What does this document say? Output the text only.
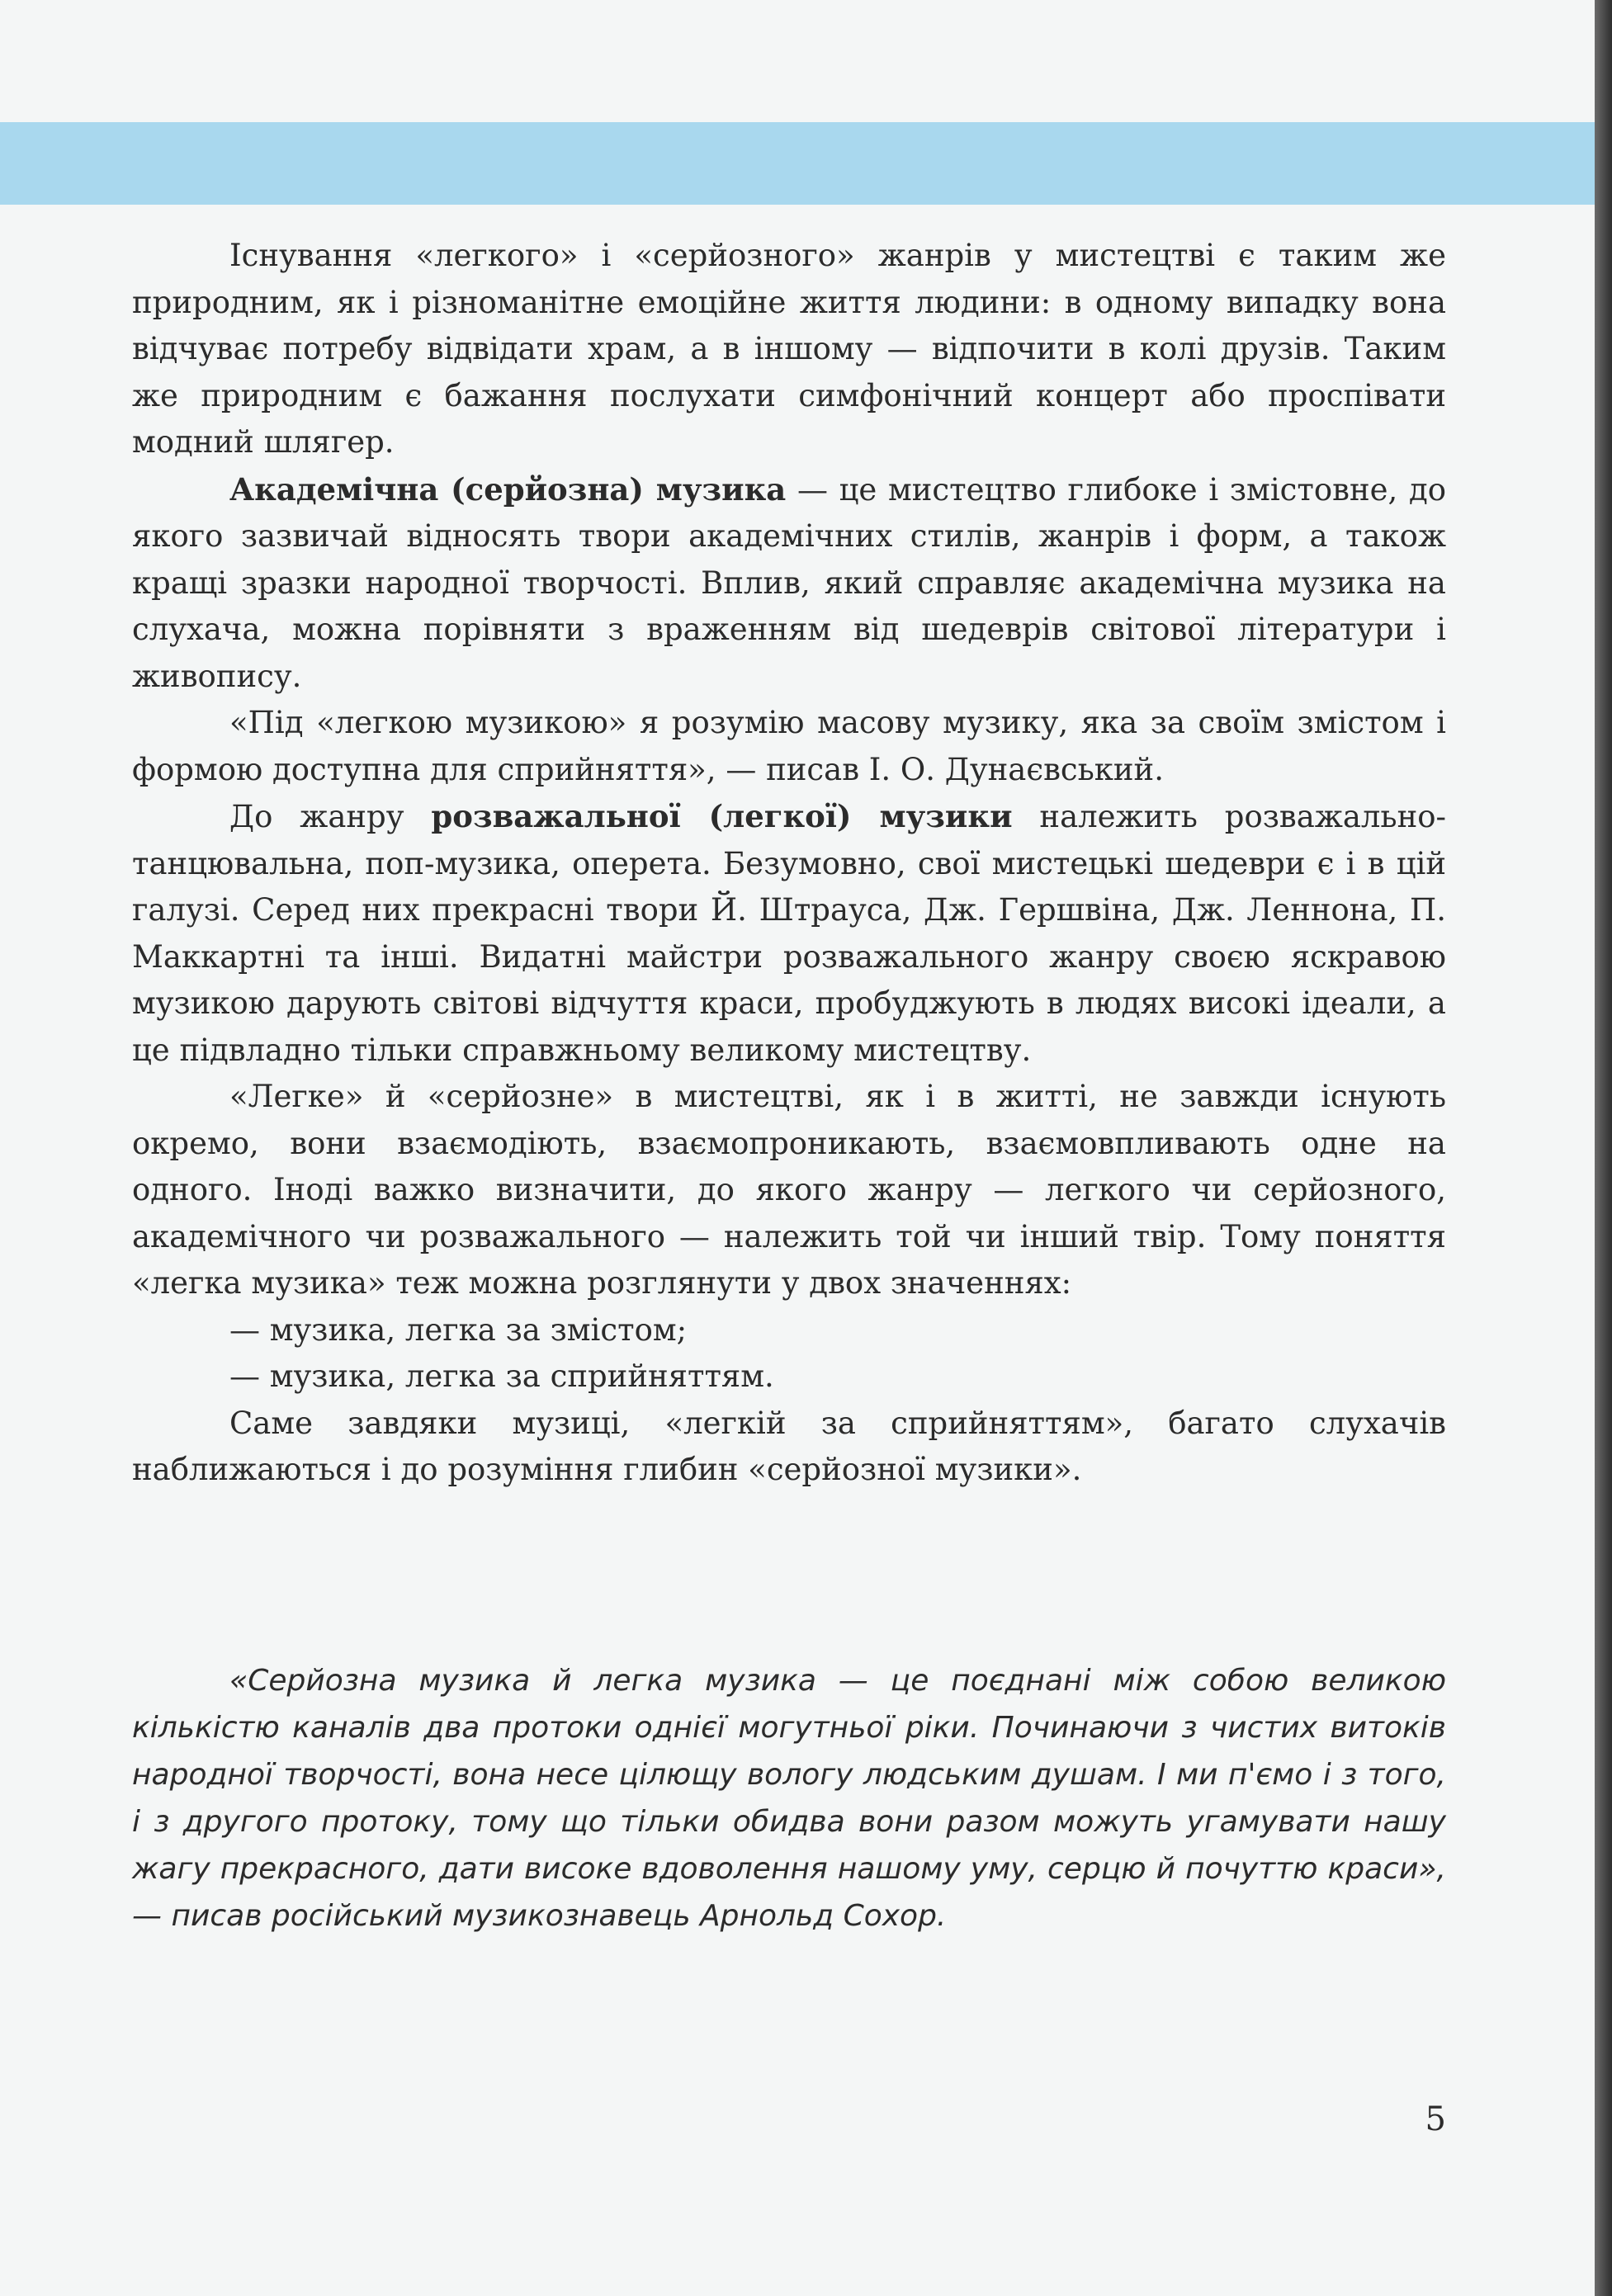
Існування «легкого» і «серйозного» жанрів у мистецтві є таким же природним, як і різноманітне емоційне життя людини: в одному випадку вона відчуває потребу відвідати храм, а в іншому — відпочити в колі друзів. Таким же природним є бажання послухати симфонічний концерт або проспівати модний шлягер.

Академічна (серйозна) музика — це мистецтво глибоке і змістовне, до якого зазвичай відносять твори академічних стилів, жанрів і форм, а також кращі зразки народної творчості. Вплив, який справляє академічна музика на слухача, можна порівняти з враженням від шедеврів світової літератури і живопису.

«Під «легкою музикою» я розумію масову музику, яка за своїм змістом і формою доступна для сприйняття», — писав І. О. Дунаєвський.

До жанру розважальної (легкої) музики належить розважально-танцювальна, поп-музика, оперета. Безумовно, свої мистецькі шедеври є і в цій галузі. Серед них прекрасні твори Й. Штрауса, Дж. Гершвіна, Дж. Леннона, П. Маккартні та інші. Видатні майстри розважального жанру своєю яскравою музикою дарують світові відчуття краси, пробуджують в людях високі ідеали, а це підвладно тільки справжньому великому мистецтву.

«Легке» й «серйозне» в мистецтві, як і в житті, не завжди існують окремо, вони взаємодіють, взаємопроникають, взаємовпливають одне на одного. Іноді важко визначити, до якого жанру — легкого чи серйозного, академічного чи розважального — належить той чи інший твір. Тому поняття «легка музика» теж можна розглянути у двох значеннях:

— музика, легка за змістом;

— музика, легка за сприйняттям.

Саме завдяки музиці, «легкій за сприйняттям», багато слухачів наближаються і до розуміння глибин «серйозної музики».

«Серйозна музика й легка музика — це поєднані між собою великою кількістю каналів два протоки однієї могутньої ріки. Починаючи з чистих витоків народної творчості, вона несе цілющу вологу людським душам. І ми п'ємо і з того, і з другого протоку, тому що тільки обидва вони разом можуть угамувати нашу жагу прекрасного, дати високе вдоволення нашому уму, серцю й почуттю краси», — писав російський музикознавець Арнольд Сохор.

5
